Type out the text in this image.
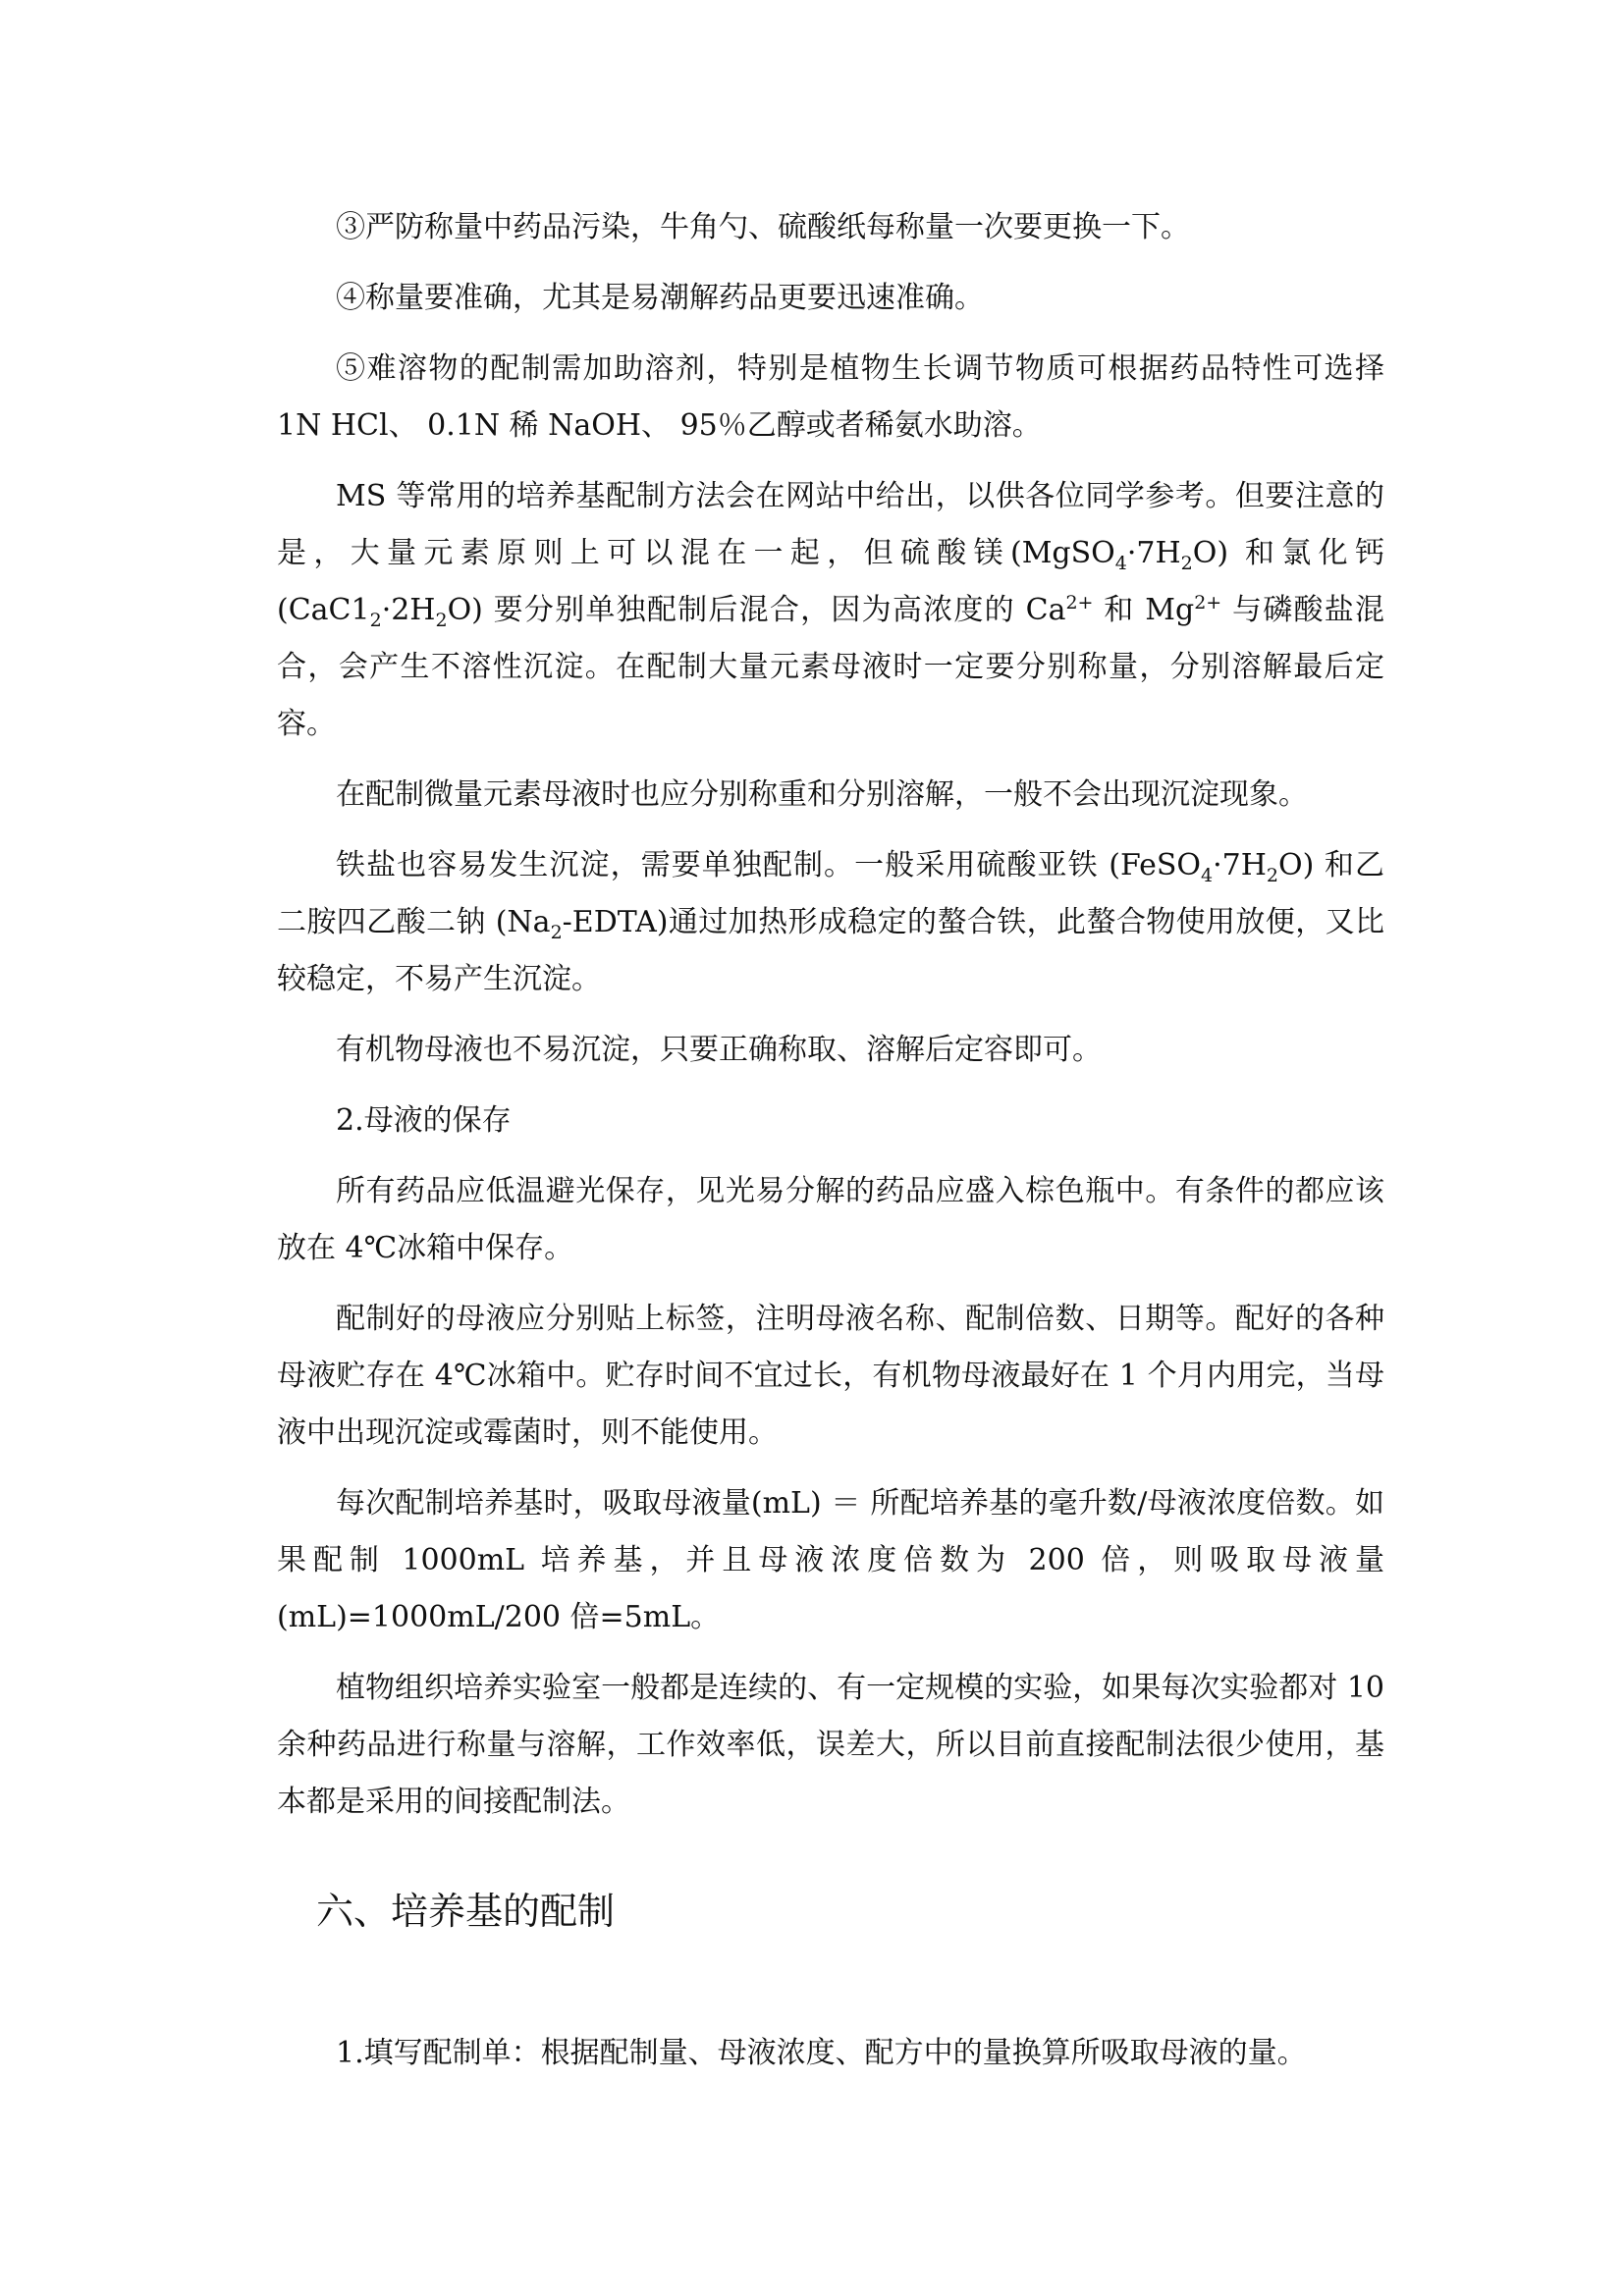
③严防称量中药品污染，牛角勺、硫酸纸每称量一次要更换一下。

④称量要准确，尤其是易潮解药品更要迅速准确。

⑤难溶物的配制需加助溶剂，特别是植物生长调节物质可根据药品特性可选择 1N HCl、 0.1N 稀 NaOH、 95％乙醇或者稀氨水助溶。

MS 等常用的培养基配制方法会在网站中给出，以供各位同学参考。但要注意的是，大量元素原则上可以混在一起，但硫酸镁$(MgSO_4\cdot 7H_2O)$ 和氯化钙$(CaC1_2\cdot 2H_2O)$ 要分别单独配制后混合，因为高浓度的 $Ca^{2+}$ 和 $Mg^{2+}$ 与磷酸盐混合，会产生不溶性沉淀。在配制大量元素母液时一定要分别称量，分别溶解最后定容。

在配制微量元素母液时也应分别称重和分别溶解，一般不会出现沉淀现象。

铁盐也容易发生沉淀，需要单独配制。一般采用硫酸亚铁 $(FeSO_4\cdot 7H_2O)$ 和乙二胺四乙酸二钠 $(Na_2-EDTA)$通过加热形成稳定的螯合铁，此螯合物使用放便，又比较稳定，不易产生沉淀。

有机物母液也不易沉淀，只要正确称取、溶解后定容即可。

2.母液的保存

所有药品应低温避光保存，见光易分解的药品应盛入棕色瓶中。有条件的都应该放在 4℃冰箱中保存。

配制好的母液应分别贴上标签，注明母液名称、配制倍数、日期等。配好的各种母液贮存在 4℃冰箱中。贮存时间不宜过长，有机物母液最好在 1 个月内用完，当母液中出现沉淀或霉菌时，则不能使用。

每次配制培养基时，吸取母液量(mL) ＝ 所配培养基的毫升数/母液浓度倍数。如果配制 1000mL 培养基，并且母液浓度倍数为 200 倍，则吸取母液量(mL)=1000mL/200 倍=5mL。

植物组织培养实验室一般都是连续的、有一定规模的实验，如果每次实验都对 10 余种药品进行称量与溶解，工作效率低，误差大，所以目前直接配制法很少使用，基本都是采用的间接配制法。

六、培养基的配制

1.填写配制单：根据配制量、母液浓度、配方中的量换算所吸取母液的量。
